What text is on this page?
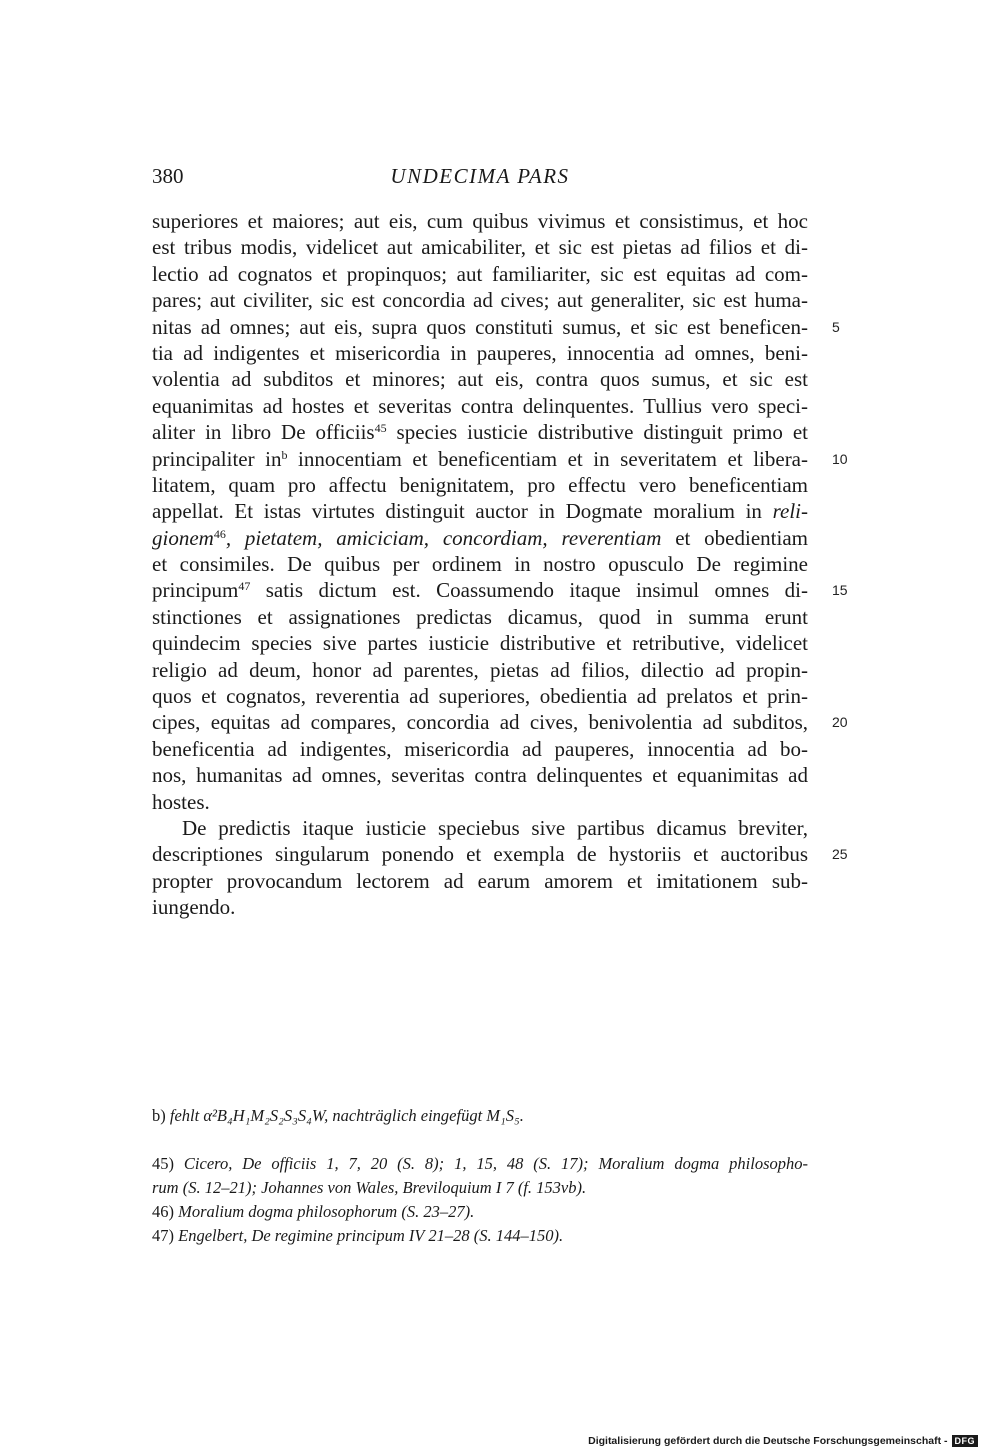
380	UNDECIMA PARS
superiores et maiores; aut eis, cum quibus vivimus et consistimus, et hoc
est tribus modis, videlicet aut amicabiliter, et sic est pietas ad filios et di-
lectio ad cognatos et propinquos; aut familiariter, sic est equitas ad com-
pares; aut civiliter, sic est concordia ad cives; aut generaliter, sic est huma-
nitas ad omnes; aut eis, supra quos constituti sumus, et sic est beneficen- 5
tia ad indigentes et misericordia in pauperes, innocentia ad omnes, beni-
volentia ad subditos et minores; aut eis, contra quos sumus, et sic est
equanimitas ad hostes et severitas contra delinquentes. Tullius vero speci-
aliter in libro De officiis$^{45}$ species iusticie distributive distinguit primo et
principaliter $in^b$ innocentiam et beneficentiam et in severitatem et libera- 10
litatem, quam pro affectu benignitatem, pro effectu vero beneficentiam
appellat. Et istas virtutes distinguit auctor in Dogmate moralium in reli-
gionem$^{46}$, pietatem, amiciciam, concordiam, reverentiam et obedientiam
et consimiles. De quibus per ordinem in nostro opusculo De regimine
principum$^{47}$ satis dictum est. Coassumendo itaque insimul omnes di- 15
stinctiones et assignationes predictas dicamus, quod in summa erunt
quindecim species sive partes iusticie distributive et retributive, videlicet
religio ad deum, honor ad parentes, pietas ad filios, dilectio ad propin-
quos et cognatos, reverentia ad superiores, obedientia ad prelatos et prin-
cipes, equitas ad compares, concordia ad cives, benivolentia ad subditos, 20
beneficentia ad indigentes, misericordia ad pauperes, innocentia ad bo-
nos, humanitas ad omnes, severitas contra delinquentes et equanimitas ad
hostes.
De predictis itaque iusticie speciebus sive partibus dicamus breviter,
descriptiones singularum ponendo et exempla de hystoriis et auctoribus 25
propter provocandum lectorem ad earum amorem et imitationem sub-
iungendo.
b) fehlt α²B₄H₁M₂S₂S₃S₄W, nachträglich eingefügt M₁S₅.
45) Cicero, De officiis 1, 7, 20 (S. 8); 1, 15, 48 (S. 17); Moralium dogma philosopho-
rum (S. 12–21); Johannes von Wales, Breviloquium I 7 (f. 153vb).
46) Moralium dogma philosophorum (S. 23–27).
47) Engelbert, De regimine principum IV 21–28 (S. 144–150).
Digitalisierung gefördert durch die Deutsche Forschungsgemeinschaft - DFG
